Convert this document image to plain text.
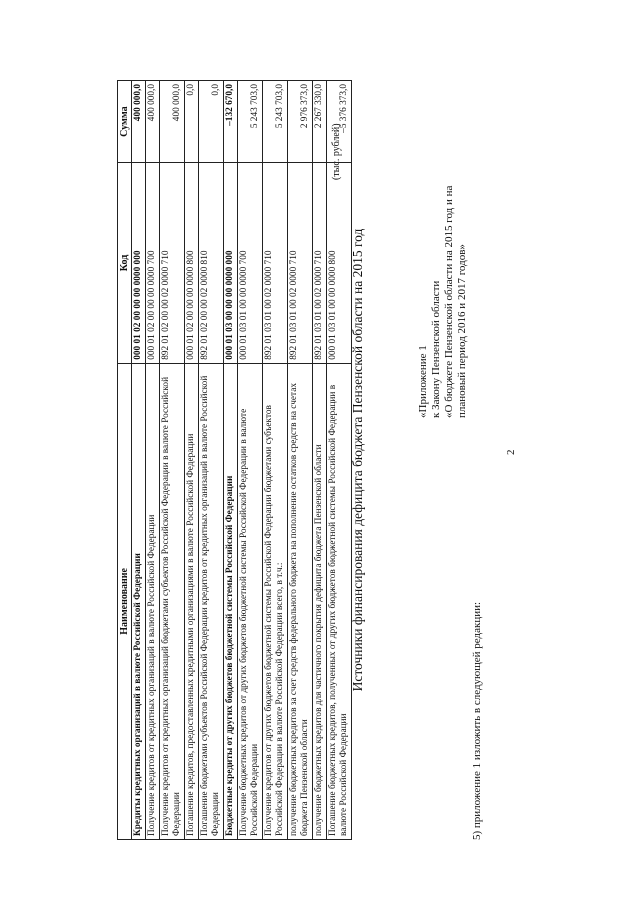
2
5) приложение 1 изложить в следующей редакции:
«Приложение 1 к Закону Пензенской области «О бюджете Пензенской области на 2015 год и на плановый период 2016 и 2017 годов»
Источники финансирования дефицита бюджета Пензенской области на 2015 год
(тыс. рублей)
Наименование	Код	Сумма
Кредиты кредитных организаций в валюте Российской Федерации	000 01 02 00 00 00 0000 000	400 000,0
Получение кредитов от кредитных организаций в валюте Российской Федерации	000 01 02 00 00 00 0000 700	400 000,0
Получение кредитов от кредитных организаций бюджетами субъектов Российской Федерации в валюте Российской Федерации	892 01 02 00 00 02 0000 710	400 000,0
Погашение кредитов, предоставленных кредитными организациями в валюте Российской Федерации	000 01 02 00 00 00 0000 800	0,0
Погашение бюджетами субъектов Российской Федерации кредитов от кредитных организаций в валюте Российской Федерации	892 01 02 00 00 02 0000 810	0,0
Бюджетные кредиты от других бюджетов бюджетной системы Российской Федерации	000 01 03 00 00 00 0000 000	–132 670,0
Получение бюджетных кредитов от других бюджетов бюджетной системы Российской Федерации в валюте Российской Федерации	000 01 03 01 00 00 0000 700	5 243 703,0
Получение кредитов от других бюджетов бюджетной системы Российской Федерации бюджетами субъектов Российской Федерации в валюте Российской Федерации всего, в т.ч.:	892 01 03 01 00 02 0000 710	5 243 703,0
получение бюджетных кредитов за счет средств федерального бюджета на пополнение остатков средств на счетах бюджета Пензенской области	892 01 03 01 00 02 0000 710	2 976 373,0
получение бюджетных кредитов для частичного покрытия дефицита бюджета Пензенской области	892 01 03 01 00 02 0000 710	2 267 330,0
Погашение бюджетных кредитов, полученных от других бюджетов бюджетной системы Российской Федерации в валюте Российской Федерации	000 01 03 01 00 00 0000 800	–5 376 373,0
